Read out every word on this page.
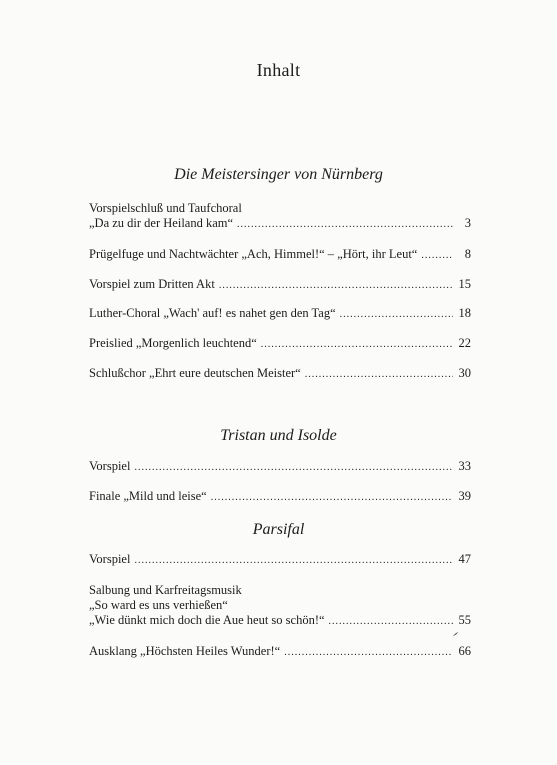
Inhalt
Die Meistersinger von Nürnberg
Vorspielschluß und Taufchoral
„Da zu dir der Heiland kam“ .....	3
Prügelfuge und Nachtwächter „Ach, Himmel!“ – „Hört, ihr Leut“ .....	8
Vorspiel zum Dritten Akt .....	15
Luther-Choral „Wach' auf! es nahet gen den Tag“ .....	18
Preislied „Morgenlich leuchtend“ .....	22
Schlußchor „Ehrt eure deutschen Meister“ .....	30
Tristan und Isolde
Vorspiel .....	33
Finale „Mild und leise“ .....	39
Parsifal
Vorspiel .....	47
Salbung und Karfreitagsmusik
„So ward es uns verhießen“
„Wie dünkt mich doch die Aue heut so schön!“ .....	55
Ausklang „Höchsten Heiles Wunder!“ .....	66
